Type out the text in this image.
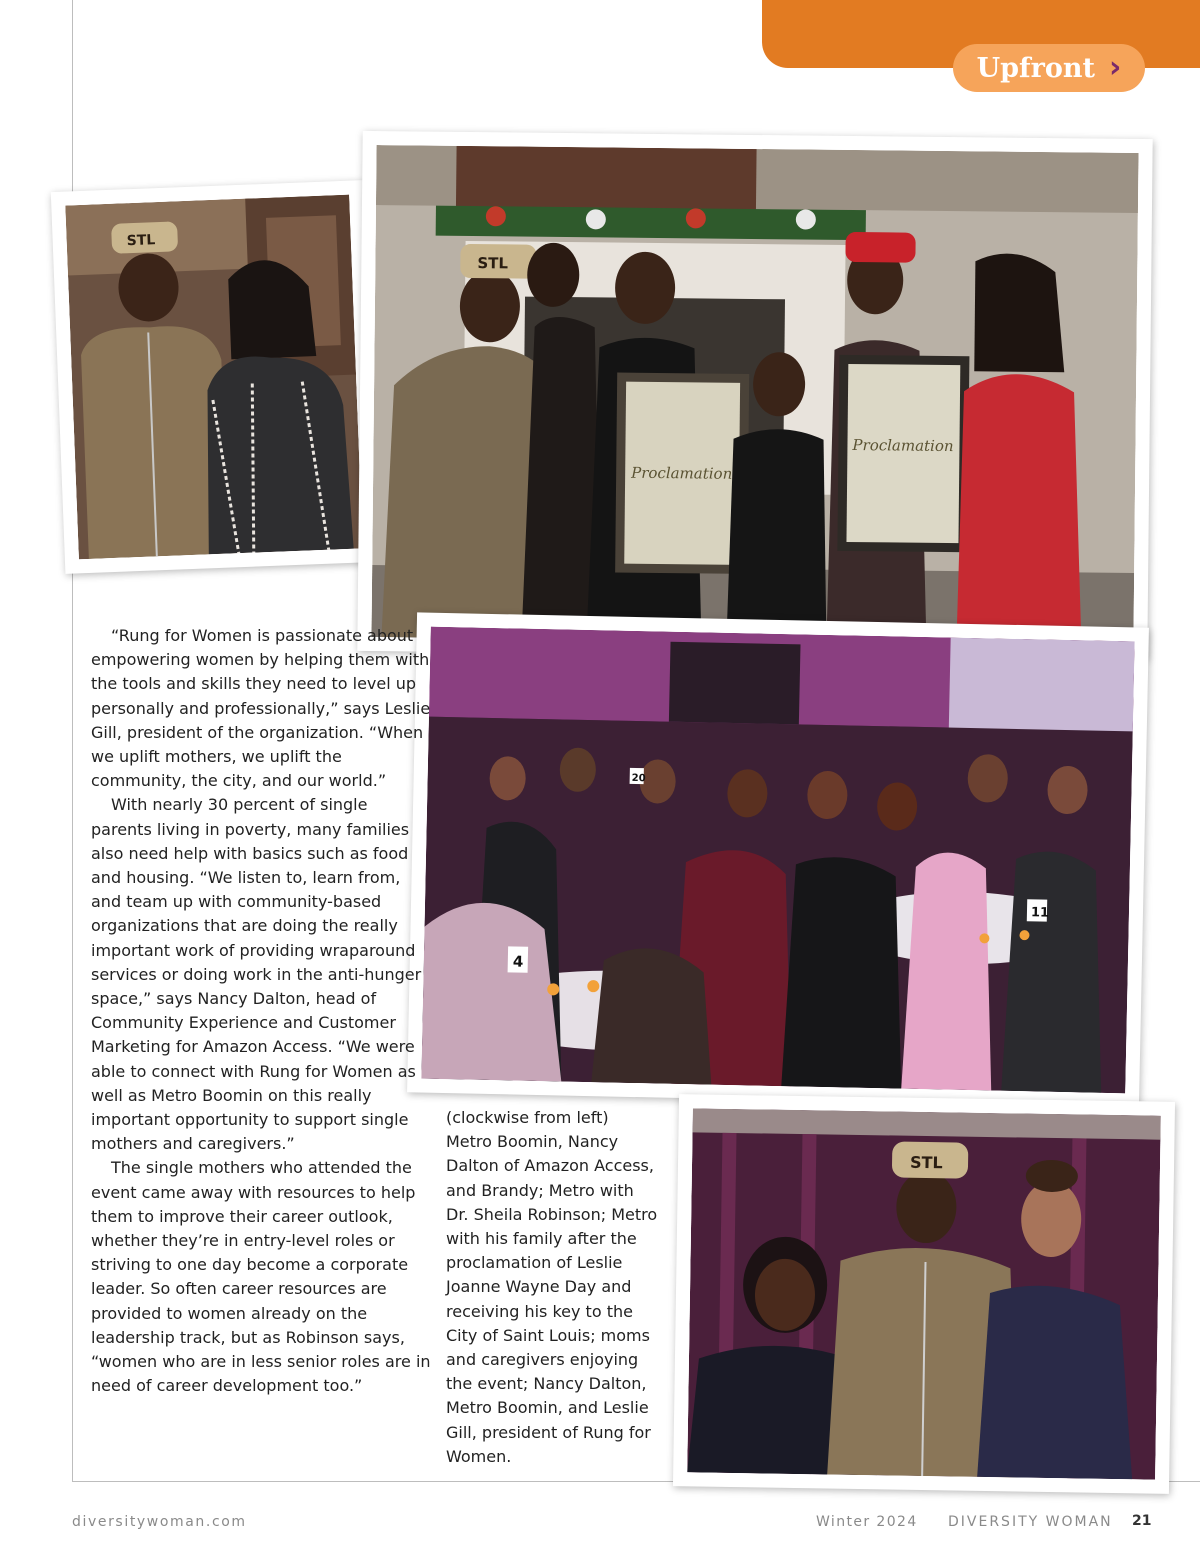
Upfront ›
STL
STL
Proclamation
Proclamation
20
11
4
STL

“Rung for Women is passionate about empowering women by helping them with the tools and skills they need to level up personally and professionally,” says Leslie Gill, president of the organization. “When we uplift mothers, we uplift the community, the city, and our world.”

With nearly 30 percent of single parents living in poverty, many families also need help with basics such as food and housing. “We listen to, learn from, and team up with community-based organizations that are doing the really important work of providing wraparound services or doing work in the anti-hunger space,” says Nancy Dalton, head of Community Experience and Customer Marketing for Amazon Access. “We were able to connect with Rung for Women as well as Metro Boomin on this really important opportunity to support single mothers and caregivers.”

The single mothers who attended the event came away with resources to help them to improve their career outlook, whether they’re in entry-level roles or striving to one day become a corporate leader. So often career resources are provided to women already on the leadership track, but as Robinson says, “women who are in less senior roles are in need of career development too.”

(clockwise from left) Metro Boomin, Nancy Dalton of Amazon Access, and Brandy; Metro with Dr. Sheila Robinson; Metro with his family after the proclamation of Leslie Joanne Wayne Day and receiving his key to the City of Saint Louis; moms and caregivers enjoying the event; Nancy Dalton, Metro Boomin, and Leslie Gill, president of Rung for Women.
diversitywoman.com	Winter 2024 DIVERSITY WOMAN 21
